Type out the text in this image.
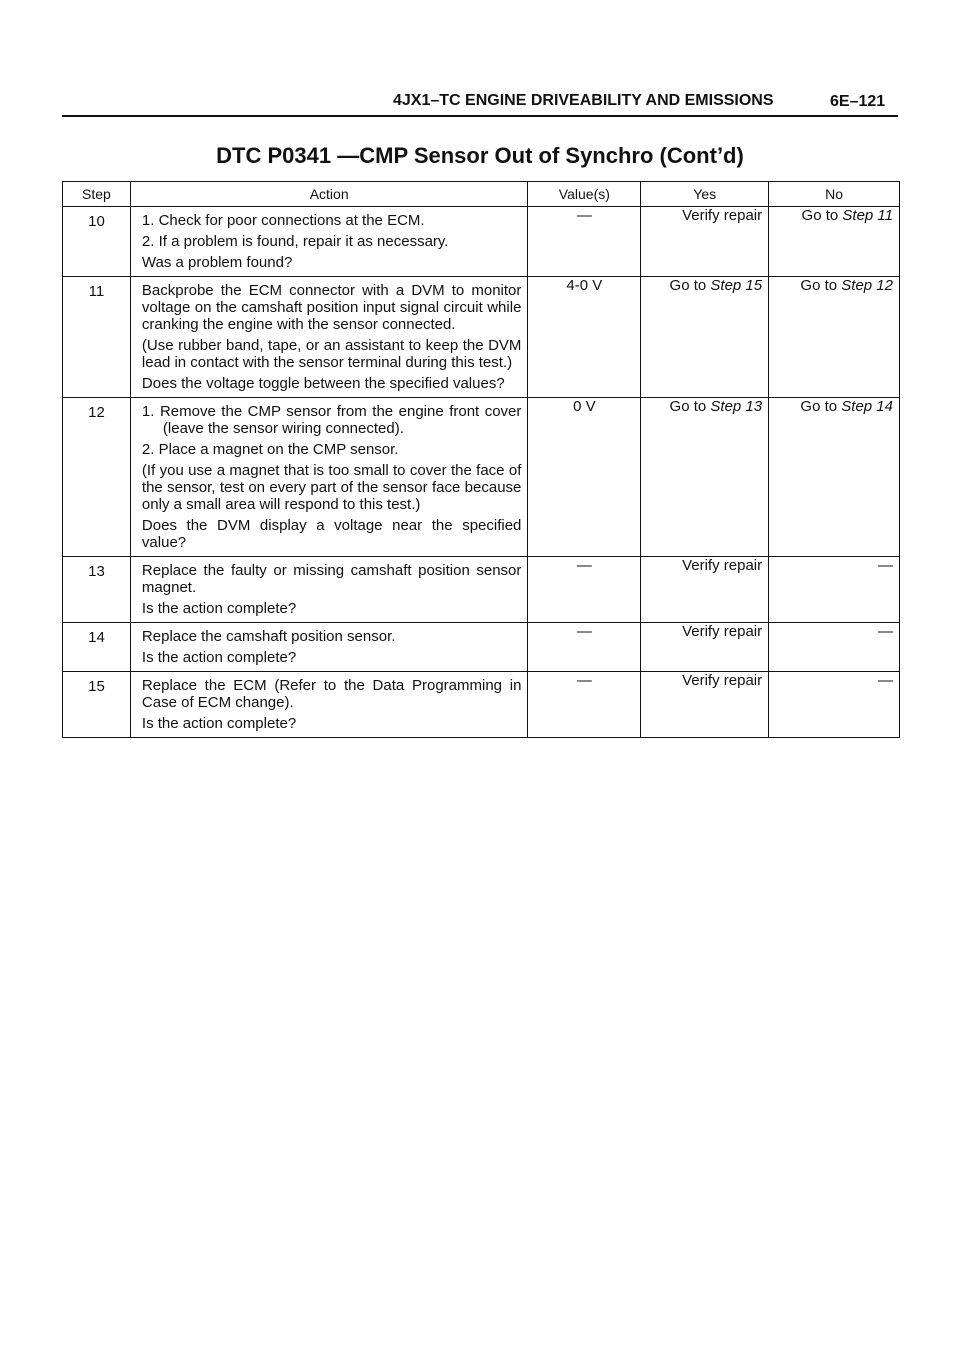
4JX1–TC ENGINE DRIVEABILITY AND EMISSIONS	6E–121
DTC P0341 —CMP Sensor Out of Synchro (Cont’d)
Step	Action	Value(s)	Yes	No
10	1. Check for poor connections at the ECM.

2. If a problem is found, repair it as necessary.

Was a problem found?	—	Verify repair	Go to Step 11
11	Backprobe the ECM connector with a DVM to monitor voltage on the camshaft position input signal circuit while cranking the engine with the sensor connected.

(Use rubber band, tape, or an assistant to keep the DVM lead in contact with the sensor terminal during this test.)

Does the voltage toggle between the specified values?	4-0 V	Go to Step 15	Go to Step 12
12	1. Remove the CMP sensor from the engine front cover (leave the sensor wiring connected).

2. Place a magnet on the CMP sensor.

(If you use a magnet that is too small to cover the face of the sensor, test on every part of the sensor face because only a small area will respond to this test.)

Does the DVM display a voltage near the specified value?	0 V	Go to Step 13	Go to Step 14
13	Replace the faulty or missing camshaft position sensor magnet.

Is the action complete?	—	Verify repair	—
14	Replace the camshaft position sensor.

Is the action complete?	—	Verify repair	—
15	Replace the ECM (Refer to the Data Programming in Case of ECM change).

Is the action complete?	—	Verify repair	—
